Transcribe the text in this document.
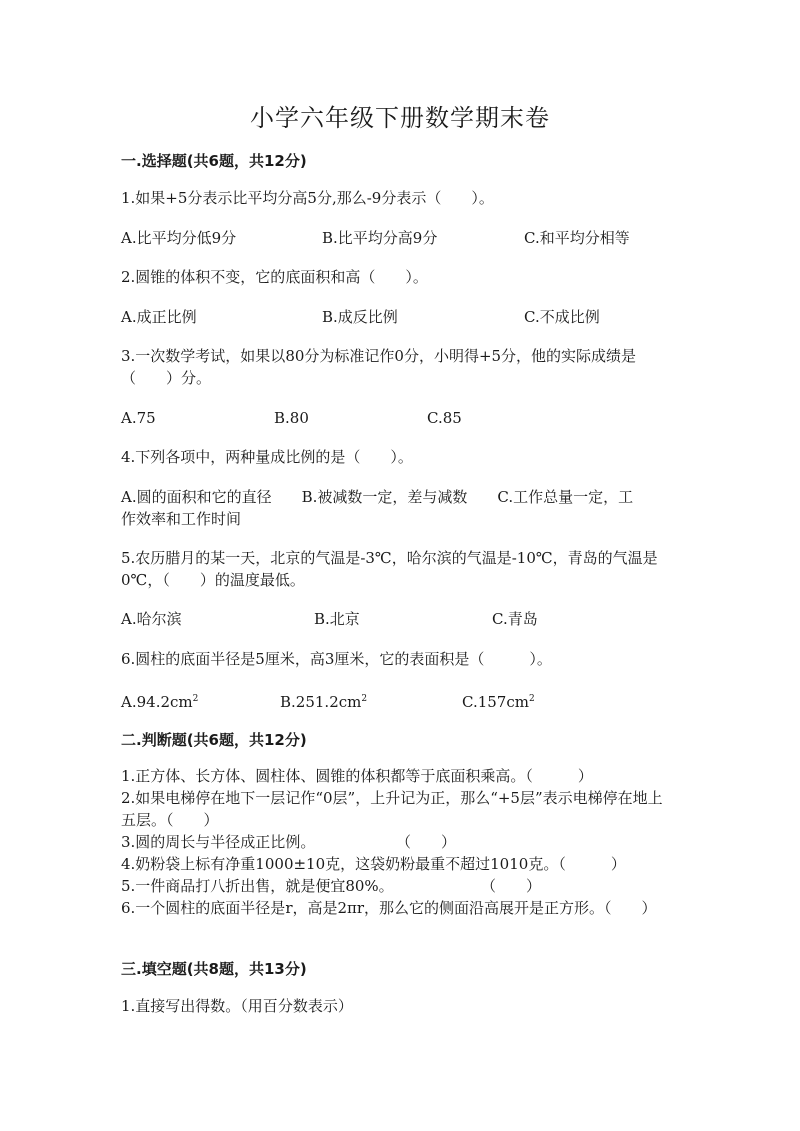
小学六年级下册数学期末卷
一.选择题(共6题，共12分)
1.如果+5分表示比平均分高5分,那么-9分表示（　　）。
A.比平均分低9分	B.比平均分高9分	C.和平均分相等
2.圆锥的体积不变，它的底面积和高（　　）。
A.成正比例	B.成反比例	C.不成比例
3.一次数学考试，如果以80分为标准记作0分，小明得+5分，他的实际成绩是（　　）分。
A.75	B.80	C.85
4.下列各项中，两种量成比例的是（　　）。
A.圆的面积和它的直径　　B.被减数一定，差与减数　　C.工作总量一定，工
作效率和工作时间
5.农历腊月的某一天，北京的气温是-3℃，哈尔滨的气温是-10℃，青岛的气温是0℃，（　　）的温度最低。
A.哈尔滨	B.北京	C.青岛
6.圆柱的底面半径是5厘米，高3厘米，它的表面积是（　　　）。
$A.94.2cm^2$	$B.251.2cm^2$	$C.157cm^2$
二.判断题(共6题，共12分)
1.正方体、长方体、圆柱体、圆锥的体积都等于底面积乘高。（　　　）
2.如果电梯停在地下一层记作“0层”，上升记为正，那么“+5层”表示电梯停在地上五层。（　　）
3.圆的周长与半径成正比例。	（　　）
4.奶粉袋上标有净重1000±10克，这袋奶粉最重不超过1010克。（　　　）
5.一件商品打八折出售，就是便宜80%。	（　　）
6.一个圆柱的底面半径是r，高是2πr，那么它的侧面沿高展开是正方形。（　　）
三.填空题(共8题，共13分)
1.直接写出得数。（用百分数表示）
